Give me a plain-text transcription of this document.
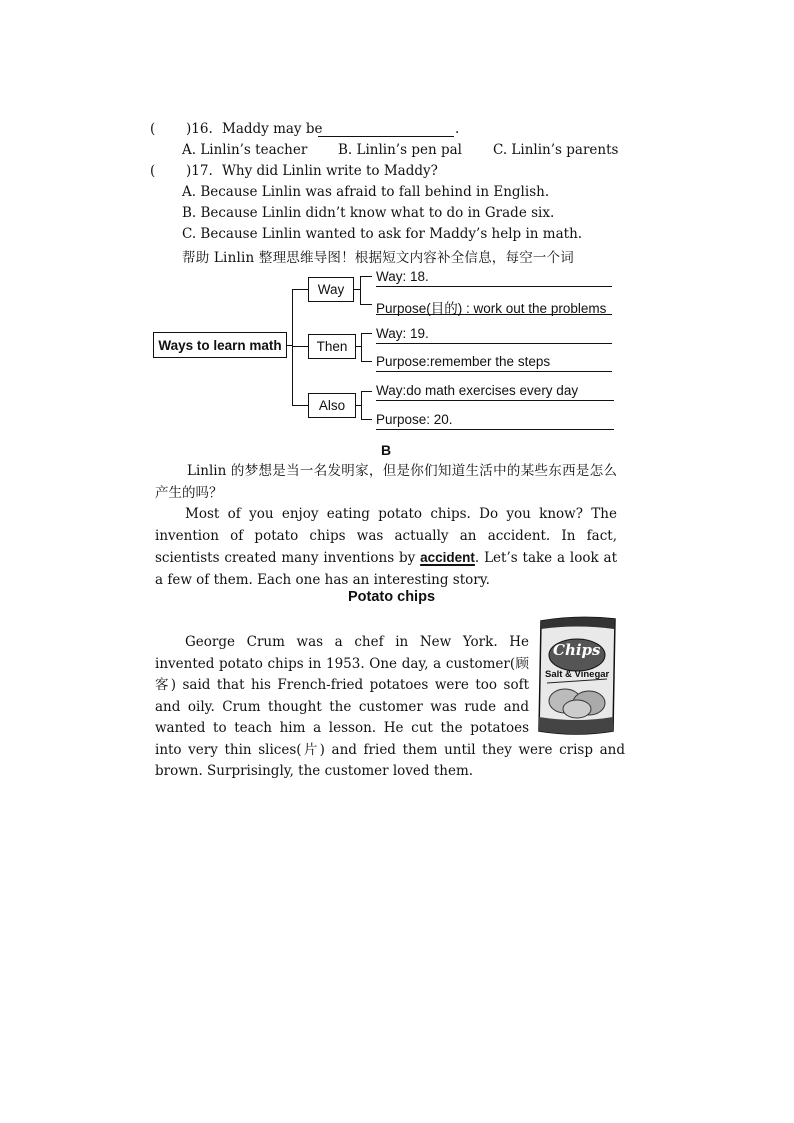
( )16. Maddy may be	.
A. Linlin’s teacher B. Linlin’s pen pal C. Linlin’s parents
( )17. Why did Linlin write to Maddy?
A. Because Linlin was afraid to fall behind in English.
B. Because Linlin didn’t know what to do in Grade six.
C. Because Linlin wanted to ask for Maddy’s help in math.
帮助 Linlin 整理思维导图！根据短文内容补全信息，每空一个词
Ways to learn math
Way
Then
Also
Way: 18.
Purpose(目的) : work out the problems
Way: 19.
Purpose:remember the steps
Way:do math exercises every day
Purpose: 20.
B
Linlin 的梦想是当一名发明家，但是你们知道生活中的某些东西是怎么产生的吗？
Most of you enjoy eating potato chips. Do you know? The invention of potato chips was actually an accident. In fact, scientists created many inventions by accident. Let’s take a look at a few of them. Each one has an interesting story.
Potato chips
Chips
Salt & Vinegar
George Crum was a chef in New York. He invented potato chips in 1953. One day, a customer(顾客) said that his French-fried potatoes were too soft and oily. Crum thought the customer was rude and wanted to teach him a lesson. He cut the potatoes into very thin slices(片) and fried them until they were crisp and brown. Surprisingly, the customer loved them.
